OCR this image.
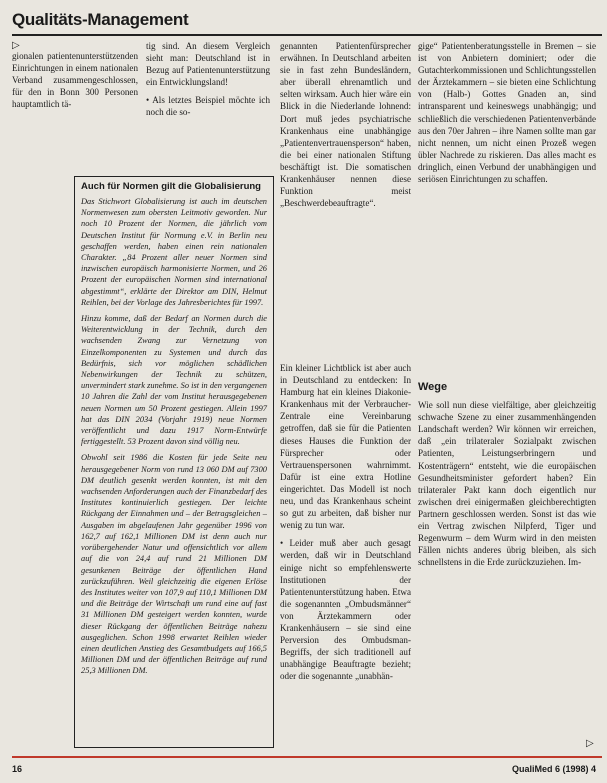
Qualitäts-Management
▷

gionalen patientenunterstützenden Einrichtungen in einem nationalen Verband zusammengeschlossen, für den in Bonn 300 Personen hauptamtlich tä-

tig sind. An diesem Vergleich sieht man: Deutschland ist in Bezug auf Patientenunterstützung ein Entwicklungsland!

• Als letztes Beispiel möchte ich noch die so-

genannten Patientenfürsprecher erwähnen. In Deutschland arbeiten sie in fast zehn Bundesländern, aber überall ehrenamtlich und selten wirksam. Auch hier wäre ein Blick in die Niederlande lohnend: Dort muß jedes psychiatrische Krankenhaus eine unabhängige „Patientenvertrauensperson“ haben, die bei einer nationalen Stiftung beschäftigt ist. Die somatischen Krankenhäuser nennen diese Funktion meist „Beschwerdebeauftragte“.

Ein kleiner Lichtblick ist aber auch in Deutschland zu entdecken: In Hamburg hat ein kleines Diakonie-Krankenhaus mit der Verbraucher-Zentrale eine Vereinbarung getroffen, daß sie für die Patienten dieses Hauses die Funktion der Fürsprecher oder Vertrauenspersonen wahrnimmt. Dafür ist eine extra Hotline eingerichtet. Das Modell ist noch neu, und das Krankenhaus scheint so gut zu arbeiten, daß bisher nur wenig zu tun war.

• Leider muß aber auch gesagt werden, daß wir in Deutschland einige nicht so empfehlenswerte Institutionen der Patientenunterstützung haben. Etwa die sogenannten „Ombudsmänner“ von Ärztekammern oder Krankenhäusern – sie sind eine Perversion des Ombudsman-Begriffs, der sich traditionell auf unabhängige Beauftragte bezieht; oder die sogenannte „unabhän-

gige“ Patientenberatungsstelle in Bremen – sie ist von Anbietern dominiert; oder die Gutachterkommissionen und Schlichtungsstellen der Ärztekammern – sie bieten eine Schlichtung von (Halb-) Gottes Gnaden an, sind intransparent und keineswegs unabhängig; und schließlich die verschiedenen Patientenverbände aus den 70er Jahren – ihre Namen sollte man gar nicht nennen, um nicht einen Prozeß wegen übler Nachrede zu riskieren. Das alles macht es dringlich, einen Verbund der unabhängigen und seriösen Einrichtungen zu schaffen.

Wege

Wie soll nun diese vielfältige, aber gleichzeitig schwache Szene zu einer zusammenhängenden Landschaft werden? Wir können wir erreichen, daß „ein trilateraler Sozialpakt zwischen Patienten, Leistungserbringern und Kostenträgern“ entsteht, wie die europäischen Gesundheitsminister gefordert haben? Ein trilateraler Pakt kann doch eigentlich nur zwischen drei einigermaßen gleichberechtigten Partnern geschlossen werden. Sonst ist das wie ein Vertrag zwischen Nilpferd, Tiger und Regenwurm – dem Wurm wird in den meisten Fällen nichts anderes übrig bleiben, als sich schnellstens in die Erde zurückzuziehen. Im-

Auch für Normen gilt die Globalisierung

Das Stichwort Globalisierung ist auch im deutschen Normenwesen zum obersten Leitmotiv geworden. Nur noch 10 Prozent der Normen, die jährlich vom Deutschen Institut für Normung e.V. in Berlin neu geschaffen werden, haben einen rein nationalen Charakter. „84 Prozent aller neuer Normen sind inzwischen europäisch harmonisierte Normen, und 26 Prozent der europäischen Normen sind international abgestimmt“, erklärte der Direktor am DIN, Helmut Reihlen, bei der Vorlage des Jahresberichtes für 1997.

Hinzu komme, daß der Bedarf an Normen durch die Weiterentwicklung in der Technik, durch den wachsenden Zwang zur Vernetzung von Einzelkomponenten zu Systemen und durch das Bedürfnis, sich vor möglichen schädlichen Nebenwirkungen der Technik zu schützen, unvermindert stark zunehme. So ist in den vergangenen 10 Jahren die Zahl der vom Institut herausgegebenen neuen Normen um 50 Prozent gestiegen. Allein 1997 hat das DIN 2034 (Vorjahr 1919) neue Normen veröffentlicht und dazu 1917 Norm-Entwürfe fertiggestellt. 53 Prozent davon sind völlig neu.

Obwohl seit 1986 die Kosten für jede Seite neu herausgegebener Norm von rund 13 060 DM auf 7300 DM deutlich gesenkt werden konnten, ist mit den wachsenden Anforderungen auch der Finanzbedarf des Institutes kontinuierlich gestiegen. Der leichte Rückgang der Einnahmen und – der Betragsgleichen – Ausgaben im abgelaufenen Jahr gegenüber 1996 von 162,7 auf 162,1 Millionen DM ist denn auch nur vorübergehender Natur und offensichtlich vor allem auf die von 24,4 auf rund 21 Millionen DM gesunkenen Beiträge der öffentlichen Hand zurückzuführen. Weil gleichzeitig die eigenen Erlöse des Institutes weiter von 107,9 auf 110,1 Millionen DM und die Beiträge der Wirtschaft um rund eine auf fast 31 Millionen DM gesteigert werden konnten, wurde dieser Rückgang der öffentlichen Beiträge nahezu ausgeglichen. Schon 1998 erwartet Reihlen wieder einen deutlichen Anstieg des Gesamtbudgets auf 166,5 Millionen DM und der öffentlichen Beiträge auf rund 25,3 Millionen DM.

▷
16	QualiMed 6 (1998) 4
